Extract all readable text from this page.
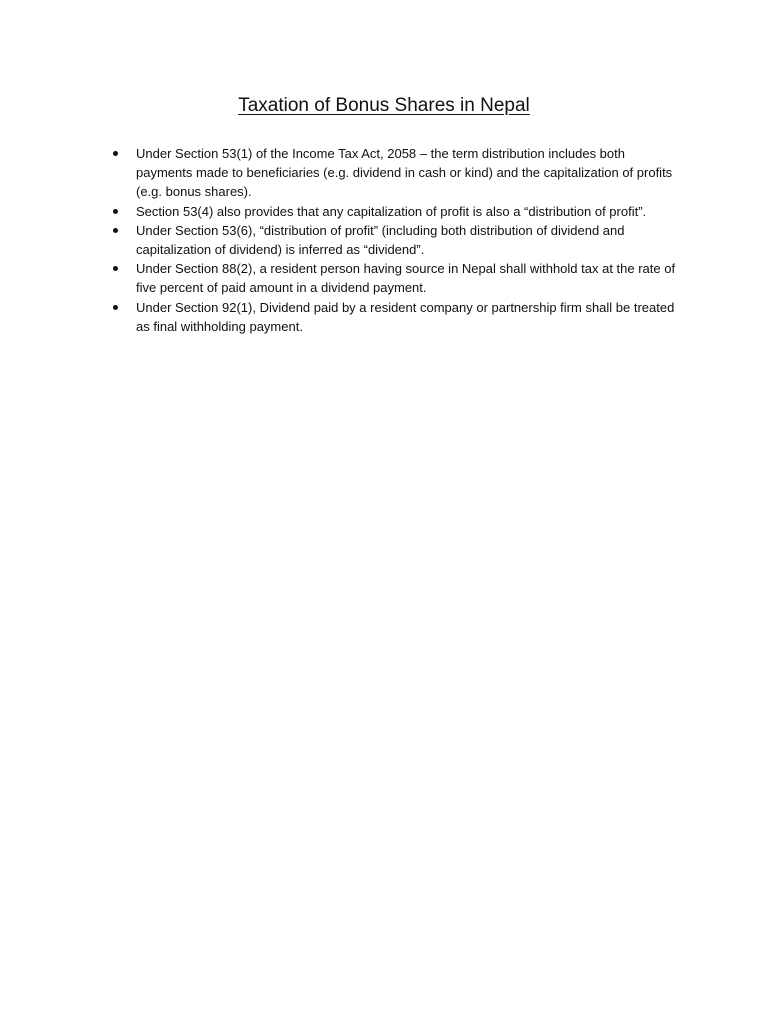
Taxation of Bonus Shares in Nepal
Under Section 53(1) of the Income Tax Act, 2058 – the term distribution includes both payments made to beneficiaries (e.g. dividend in cash or kind) and the capitalization of profits (e.g. bonus shares).
Section 53(4) also provides that any capitalization of profit is also a “distribution of profit”.
Under Section 53(6), “distribution of profit” (including both distribution of dividend and capitalization of dividend) is inferred as “dividend”.
Under Section 88(2), a resident person having source in Nepal shall withhold tax at the rate of five percent of paid amount in a dividend payment.
Under Section 92(1), Dividend paid by a resident company or partnership firm shall be treated as final withholding payment.
